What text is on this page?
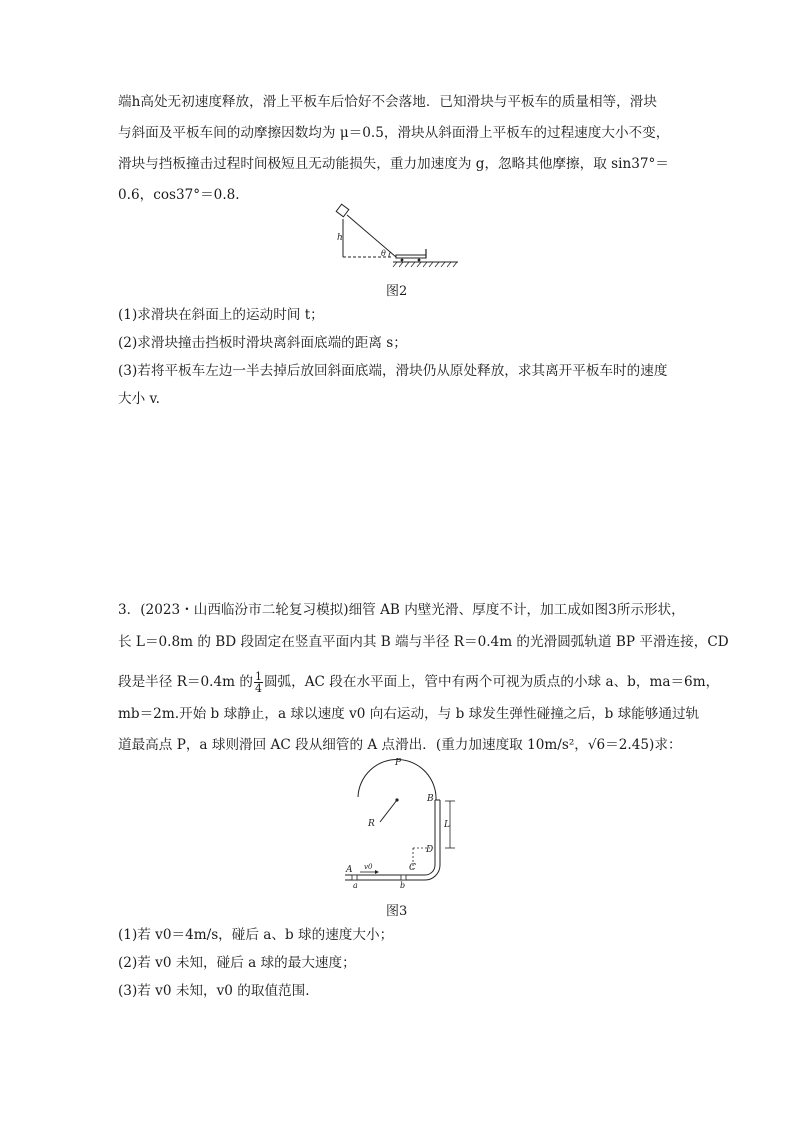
端h高处无初速度释放，滑上平板车后恰好不会落地．已知滑块与平板车的质量相等，滑块
与斜面及平板车间的动摩擦因数均为 μ＝0.5，滑块从斜面滑上平板车的过程速度大小不变，
滑块与挡板撞击过程时间极短且无动能损失，重力加速度为 g，忽略其他摩擦，取 sin37°＝
0.6，cos37°＝0.8.
h
θ
图2
(1)求滑块在斜面上的运动时间 t；
(2)求滑块撞击挡板时滑块离斜面底端的距离 s；
(3)若将平板车左边一半去掉后放回斜面底端，滑块仍从原处释放，求其离开平板车时的速度
大小 v.
3．(2023・山西临汾市二轮复习模拟)细管 AB 内壁光滑、厚度不计，加工成如图3所示形状，
长 L＝0.8m 的 BD 段固定在竖直平面内其 B 端与半径 R＝0.4m 的光滑圆弧轨道 BP 平滑连接，CD
段是半径 R＝0.4m 的 $\frac{1}{4}$ 圆弧，AC 段在水平面上，管中有两个可视为质点的小球 a、b，ma＝6m，
mb＝2m.开始 b 球静止，a 球以速度 v0 向右运动，与 b 球发生弹性碰撞之后，b 球能够通过轨
道最高点 P，a 球则滑回 AC 段从细管的 A 点滑出．(重力加速度取 10m/s²，√6＝2.45)求：
P
R
B
L
D
C
A v0
a	b
图3
(1)若 v0＝4m/s，碰后 a、b 球的速度大小；
(2)若 v0 未知，碰后 a 球的最大速度；
(3)若 v0 未知，v0 的取值范围.
